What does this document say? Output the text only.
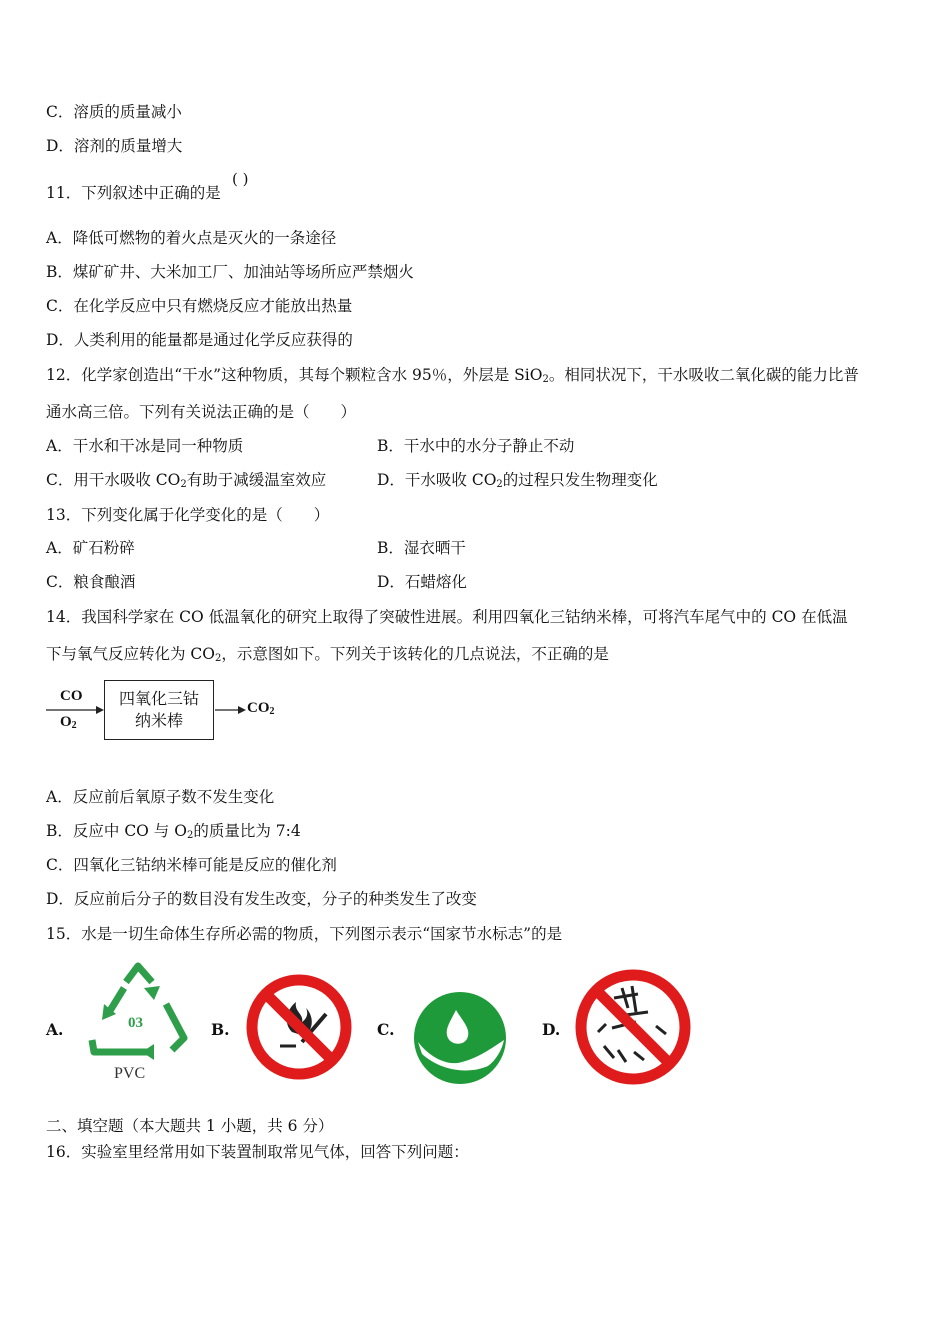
C．溶质的质量减小
D．溶剂的质量增大
11．下列叙述中正确的是
( )
A．降低可燃物的着火点是灭火的一条途径
B．煤矿矿井、大米加工厂、加油站等场所应严禁烟火
C．在化学反应中只有燃烧反应才能放出热量
D．人类利用的能量都是通过化学反应获得的
12．化学家创造出“干水”这种物质，其每个颗粒含水 95％，外层是 SiO$_2$。相同状况下，干水吸收二氧化碳的能力比普
通水高三倍。下列有关说法正确的是（　　）
A．干水和干冰是同一种物质	B．干水中的水分子静止不动
C．用干水吸收 $CO_2$有助于减缓温室效应	D．干水吸收 $CO_2$的过程只发生物理变化
13．下列变化属于化学变化的是（　　）
A．矿石粉碎	B．湿衣晒干
C．粮食酿酒	D．石蜡熔化
14．我国科学家在 CO 低温氧化的研究上取得了突破性进展。利用四氧化三钴纳米棒，可将汽车尾气中的 CO 在低温
下与氧气反应转化为 $CO_2$，示意图如下。下列关于该转化的几点说法，不正确的是
CO
$O_2$
四氧化三钴
纳米棒
$CO_2$
A．反应前后氧原子数不发生变化
B．反应中 CO 与 $O_2$的质量比为 7:4
C．四氧化三钴纳米棒可能是反应的催化剂
D．反应前后分子的数目没有发生改变，分子的种类发生了改变
15．水是一切生命体生存所必需的物质，下列图示表示“国家节水标志”的是
A.	03
PVC
B.	C.	D.
二、填空题（本大题共 1 小题，共 6 分）
16．实验室里经常用如下装置制取常见气体，回答下列问题：
